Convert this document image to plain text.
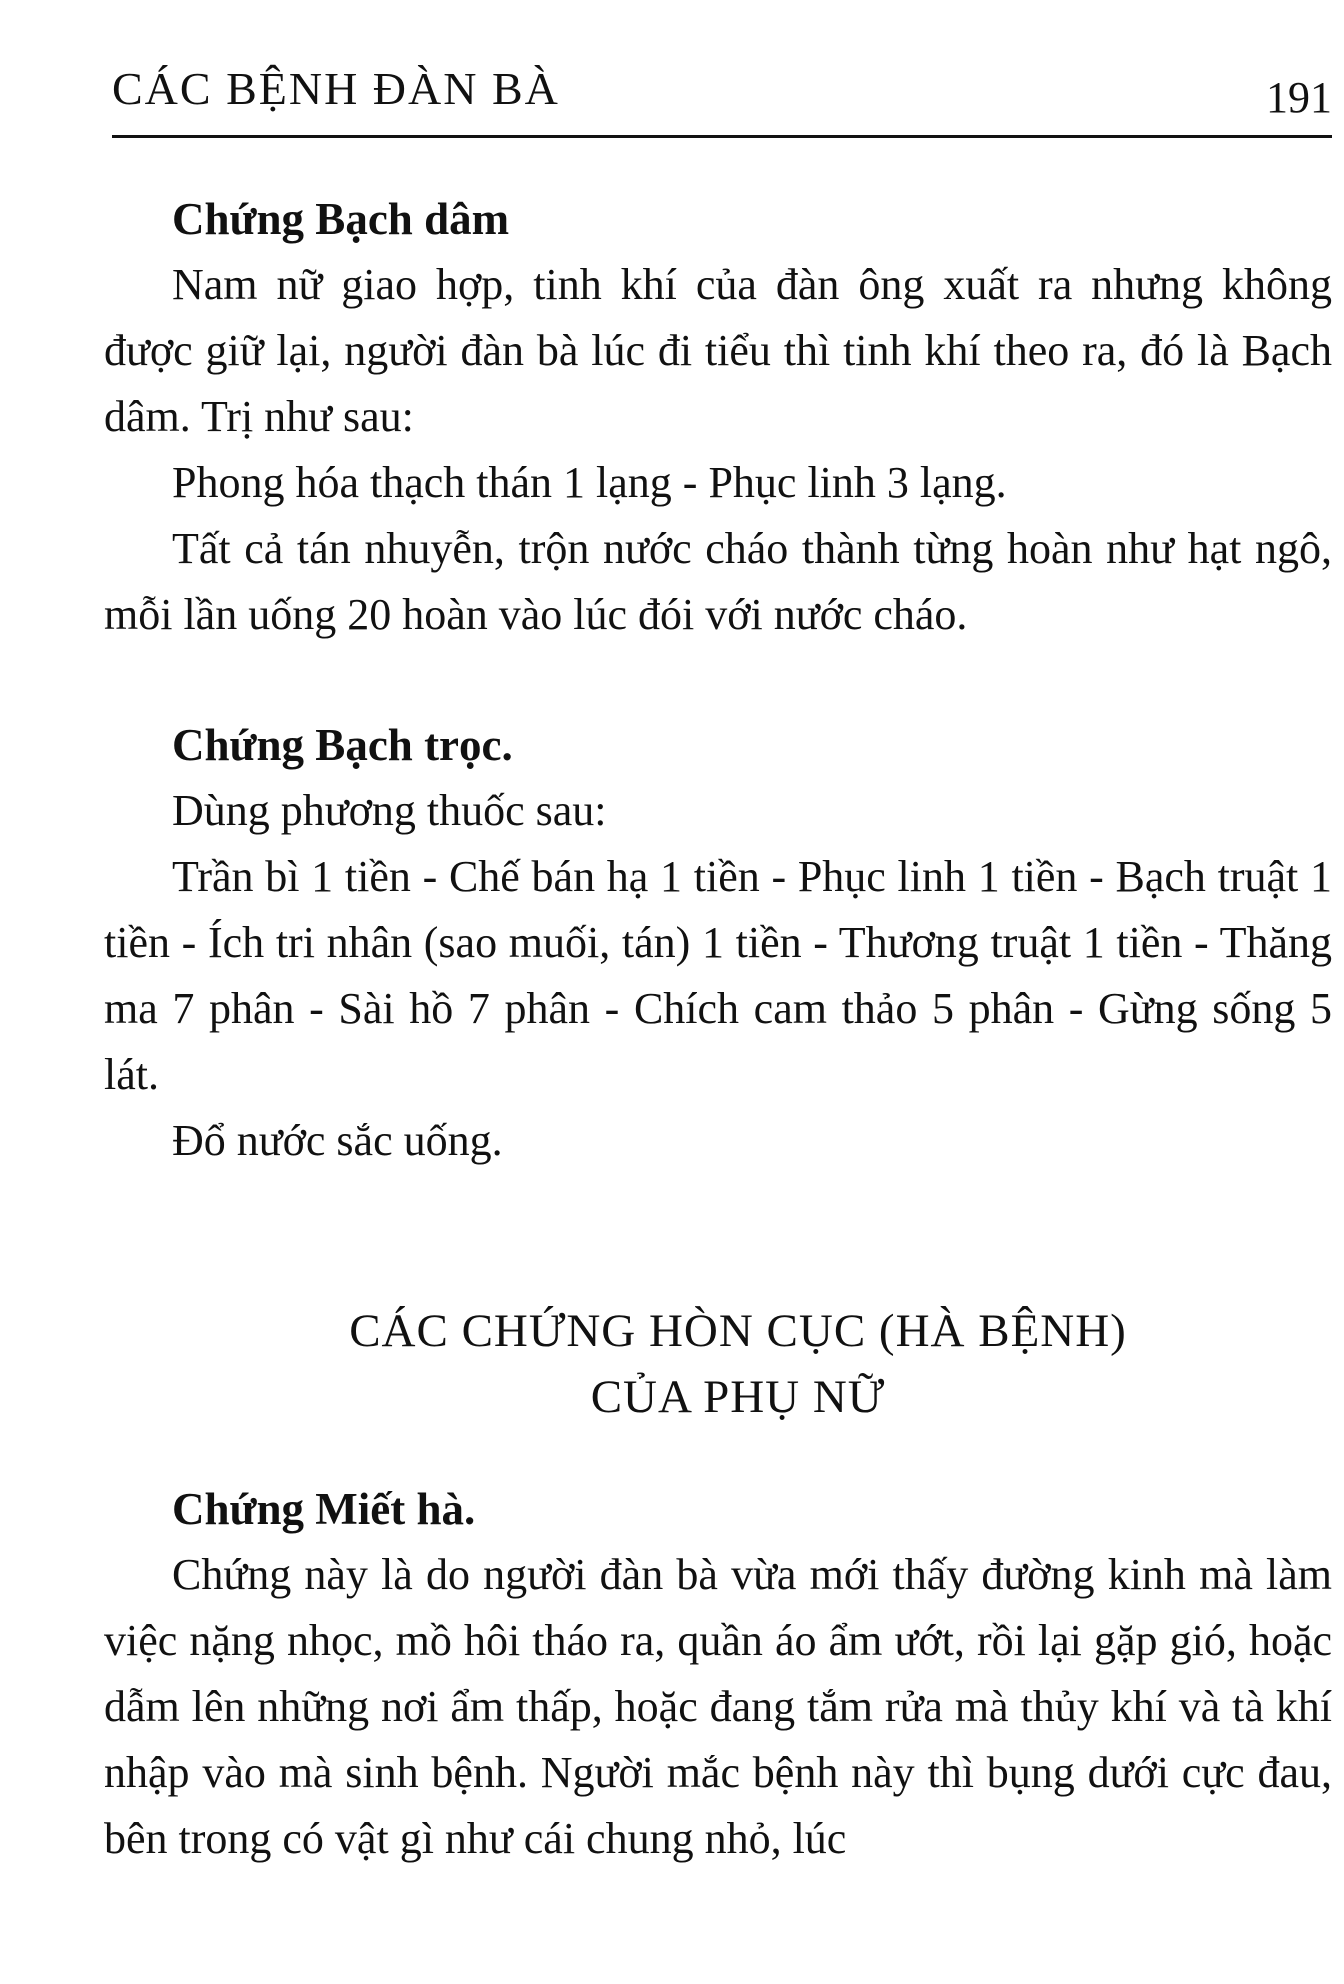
CÁC BỆNH ĐÀN BÀ	191
Chứng Bạch dâm

Nam nữ giao hợp, tinh khí của đàn ông xuất ra nhưng không được giữ lại, người đàn bà lúc đi tiểu thì tinh khí theo ra, đó là Bạch dâm. Trị như sau:

Phong hóa thạch thán 1 lạng - Phục linh 3 lạng.

Tất cả tán nhuyễn, trộn nước cháo thành từng hoàn như hạt ngô, mỗi lần uống 20 hoàn vào lúc đói với nước cháo.

Chứng Bạch trọc.

Dùng phương thuốc sau:

Trần bì 1 tiền - Chế bán hạ 1 tiền - Phục linh 1 tiền - Bạch truật 1 tiền - Ích tri nhân (sao muối, tán) 1 tiền - Thương truật 1 tiền - Thăng ma 7 phân - Sài hồ 7 phân - Chích cam thảo 5 phân - Gừng sống 5 lát.

Đổ nước sắc uống.

CÁC CHỨNG HÒN CỤC (HÀ BỆNH)

CỦA PHỤ NỮ

Chứng Miết hà.

Chứng này là do người đàn bà vừa mới thấy đường kinh mà làm việc nặng nhọc, mồ hôi tháo ra, quần áo ẩm ướt, rồi lại gặp gió, hoặc dẫm lên những nơi ẩm thấp, hoặc đang tắm rửa mà thủy khí và tà khí nhập vào mà sinh bệnh. Người mắc bệnh này thì bụng dưới cực đau, bên trong có vật gì như cái chung nhỏ, lúc
